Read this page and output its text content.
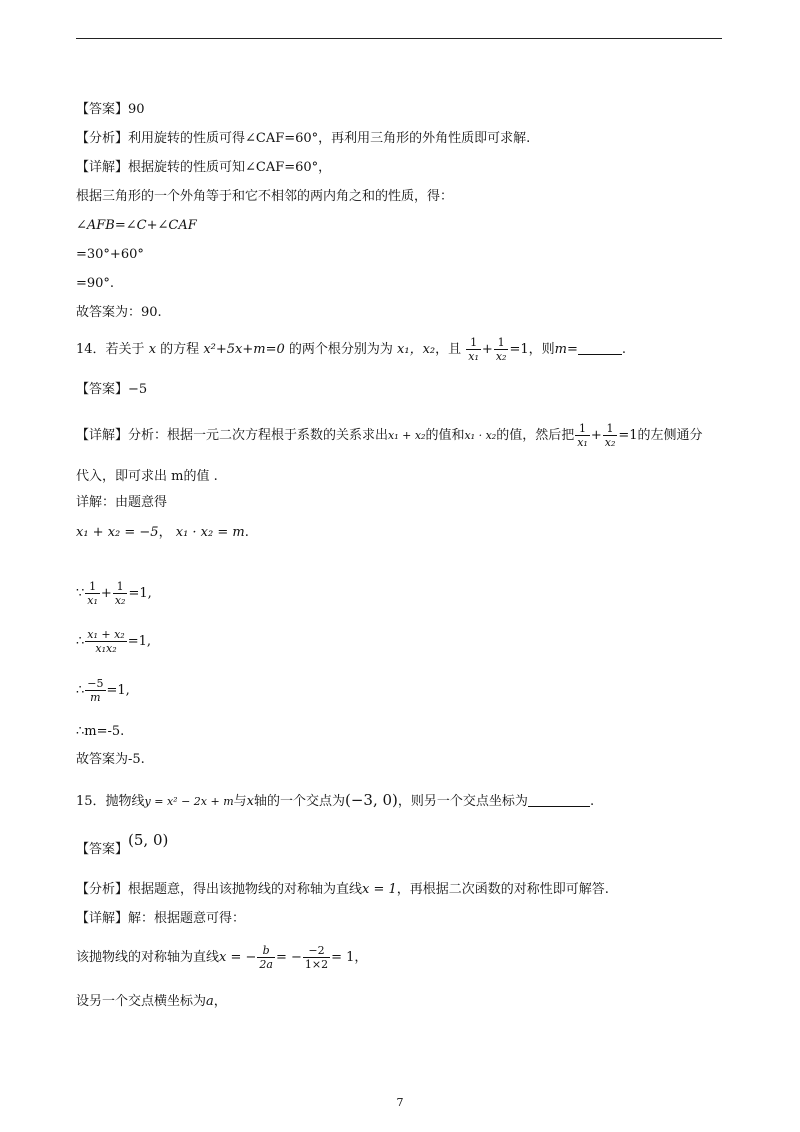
【答案】90
【分析】利用旋转的性质可得∠CAF=60°，再利用三角形的外角性质即可求解.
【详解】根据旋转的性质可知∠CAF=60°，
根据三角形的一个外角等于和它不相邻的两内角之和的性质，得：
∠AFB=∠C+∠CAF
=30°+60°
=90°.
故答案为：90.
14．若关于 x 的方程 x²+5x+m=0 的两个根分别为为 x₁，x₂，且 $\frac{1}{\text{x₁}} + \frac{1}{\text{x₂}} =1$，则m=	.
【答案】−5
【详解】分析：根据一元二次方程根于系数的关系求出x₁ + x₂的值和x₁ · x₂的值，然后把 $\frac{1}{\text{x₁}} + \frac{1}{\text{x₂}} =1$的左侧通分
代入，即可求出 m的值 .
详解：由题意得
x₁ + x₂ = −5， x₁ · x₂ = m.
∵ $\frac{1}{\text{x₁}} + \frac{1}{\text{x₂}} =1$,
∴ $\frac{\text{x₁ + x₂}}{\text{x₁x₂}} =1$,
∴ $\frac{-5}{m} =1$,
∴m=-5.
故答案为-5.
15．抛物线y = x² − 2x + m与x轴的一个交点为(−3, 0)，则另一个交点坐标为	.
【答案】(5, 0)
【分析】根据题意，得出该抛物线的对称轴为直线x = 1，再根据二次函数的对称性即可解答.
【详解】解：根据题意可得：
该抛物线的对称轴为直线x = − $\frac{b}{2a}$ = − $\frac{-2}{1\times 2} = 1$，
设另一个交点横坐标为a，
7
